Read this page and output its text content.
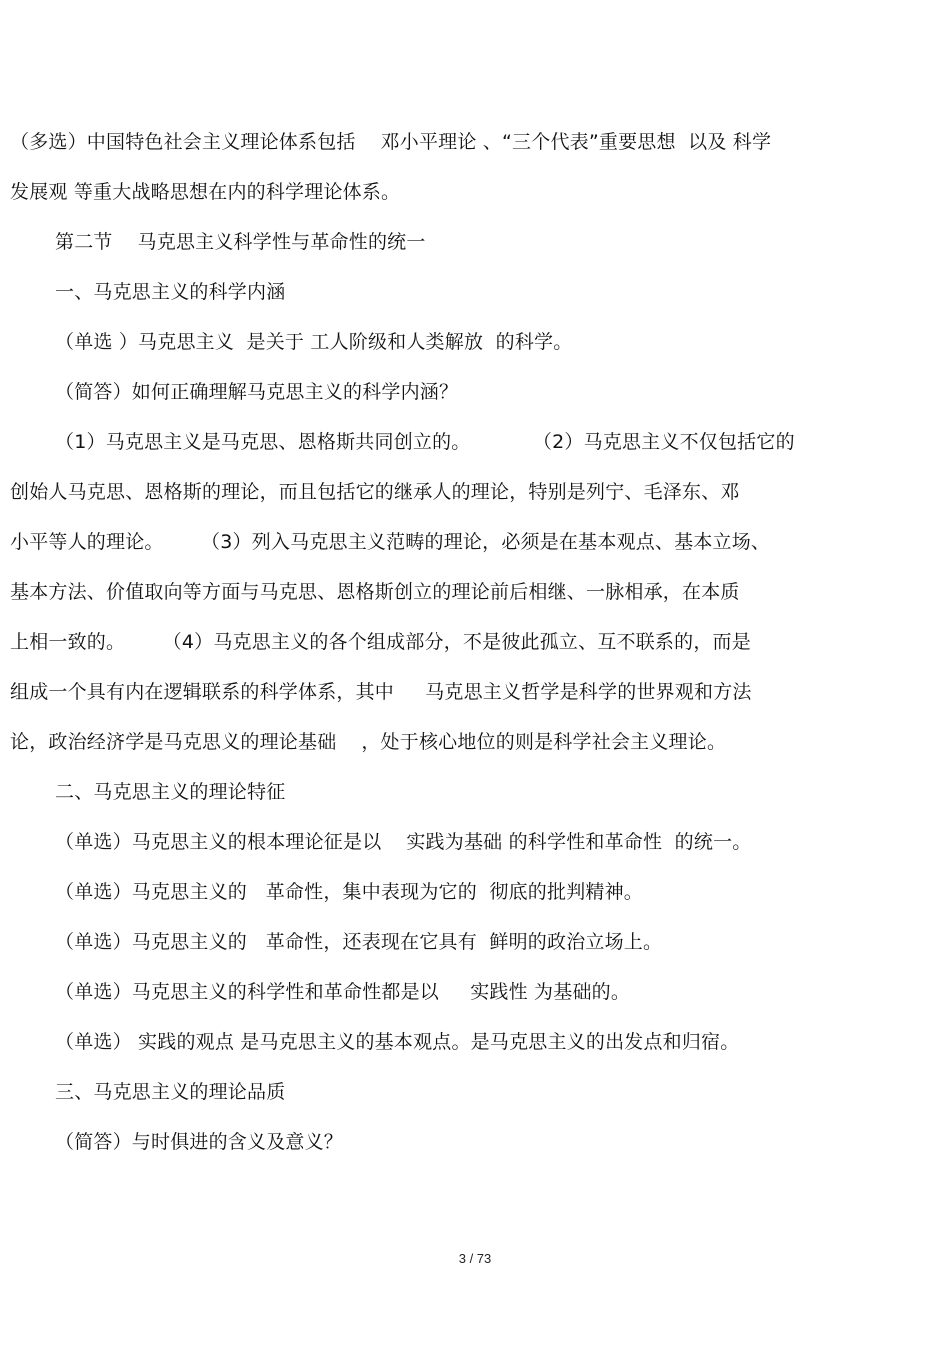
（多选）中国特色社会主义理论体系包括    邓小平理论 、“三个代表”重要思想  以及 科学
发展观 等重大战略思想在内的科学理论体系。
第二节    马克思主义科学性与革命性的统一
一、马克思主义的科学内涵
（单选 ）马克思主义  是关于 工人阶级和人类解放  的科学。
（简答）如何正确理解马克思主义的科学内涵？
（1）马克思主义是马克思、恩格斯共同创立的。          （2）马克思主义不仅包括它的
创始人马克思、恩格斯的理论，而且包括它的继承人的理论，特别是列宁、毛泽东、邓
小平等人的理论。      （3）列入马克思主义范畴的理论，必须是在基本观点、基本立场、
基本方法、价值取向等方面与马克思、恩格斯创立的理论前后相继、一脉相承，在本质
上相一致的。      （4）马克思主义的各个组成部分，不是彼此孤立、互不联系的，而是
组成一个具有内在逻辑联系的科学体系，其中     马克思主义哲学是科学的世界观和方法
论，政治经济学是马克思义的理论基础    ，处于核心地位的则是科学社会主义理论。
二、马克思主义的理论特征
（单选）马克思主义的根本理论征是以    实践为基础 的科学性和革命性  的统一。
（单选）马克思主义的   革命性，集中表现为它的  彻底的批判精神。
（单选）马克思主义的   革命性，还表现在它具有  鲜明的政治立场上。
（单选）马克思主义的科学性和革命性都是以     实践性 为基础的。
（单选） 实践的观点 是马克思主义的基本观点。是马克思主义的出发点和归宿。
三、马克思主义的理论品质
（简答）与时俱进的含义及意义？
3 / 73
